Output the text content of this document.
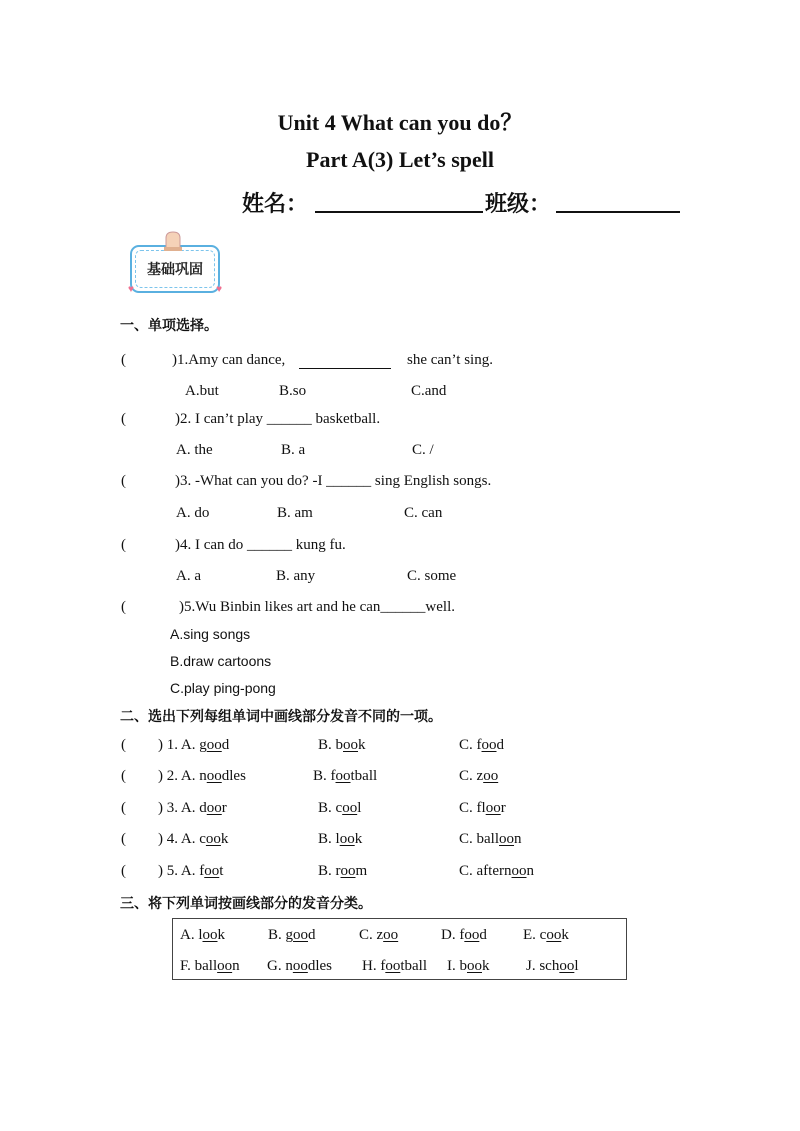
Unit 4 What can you do？
Part A(3) Let’s spell
姓名：	班级：
基础巩固
♥	♥
一、单项选择。
(	)1.Amy can dance,	she can’t sing.
A.but	B.so	C.and
(	)2. I can’t play ______ basketball.
A. the	B. a	C. /
(	)3. -What can you do? -I ______ sing English songs.
A. do	B. am	C. can
(	)4. I can do ______ kung fu.
A. a	B. any	C. some
(	)5.Wu Binbin likes art and he can______well.
A.sing songs
B.draw cartoons
C.play ping-pong
二、选出下列每组单词中画线部分发音不同的一项。
( ) 1. A. good	B. book	C. food
( ) 2. A. noodles	B. football	C. zoo
( ) 3. A. door	B. cool	C. floor
( ) 4. A. cook	B. look	C. balloon
( ) 5. A. foot	B. room	C. afternoon
三、将下列单词按画线部分的发音分类。
A. look	B. good	C. zoo	D. food E. cook
F. balloon G. noodles H. football I. book J. school
